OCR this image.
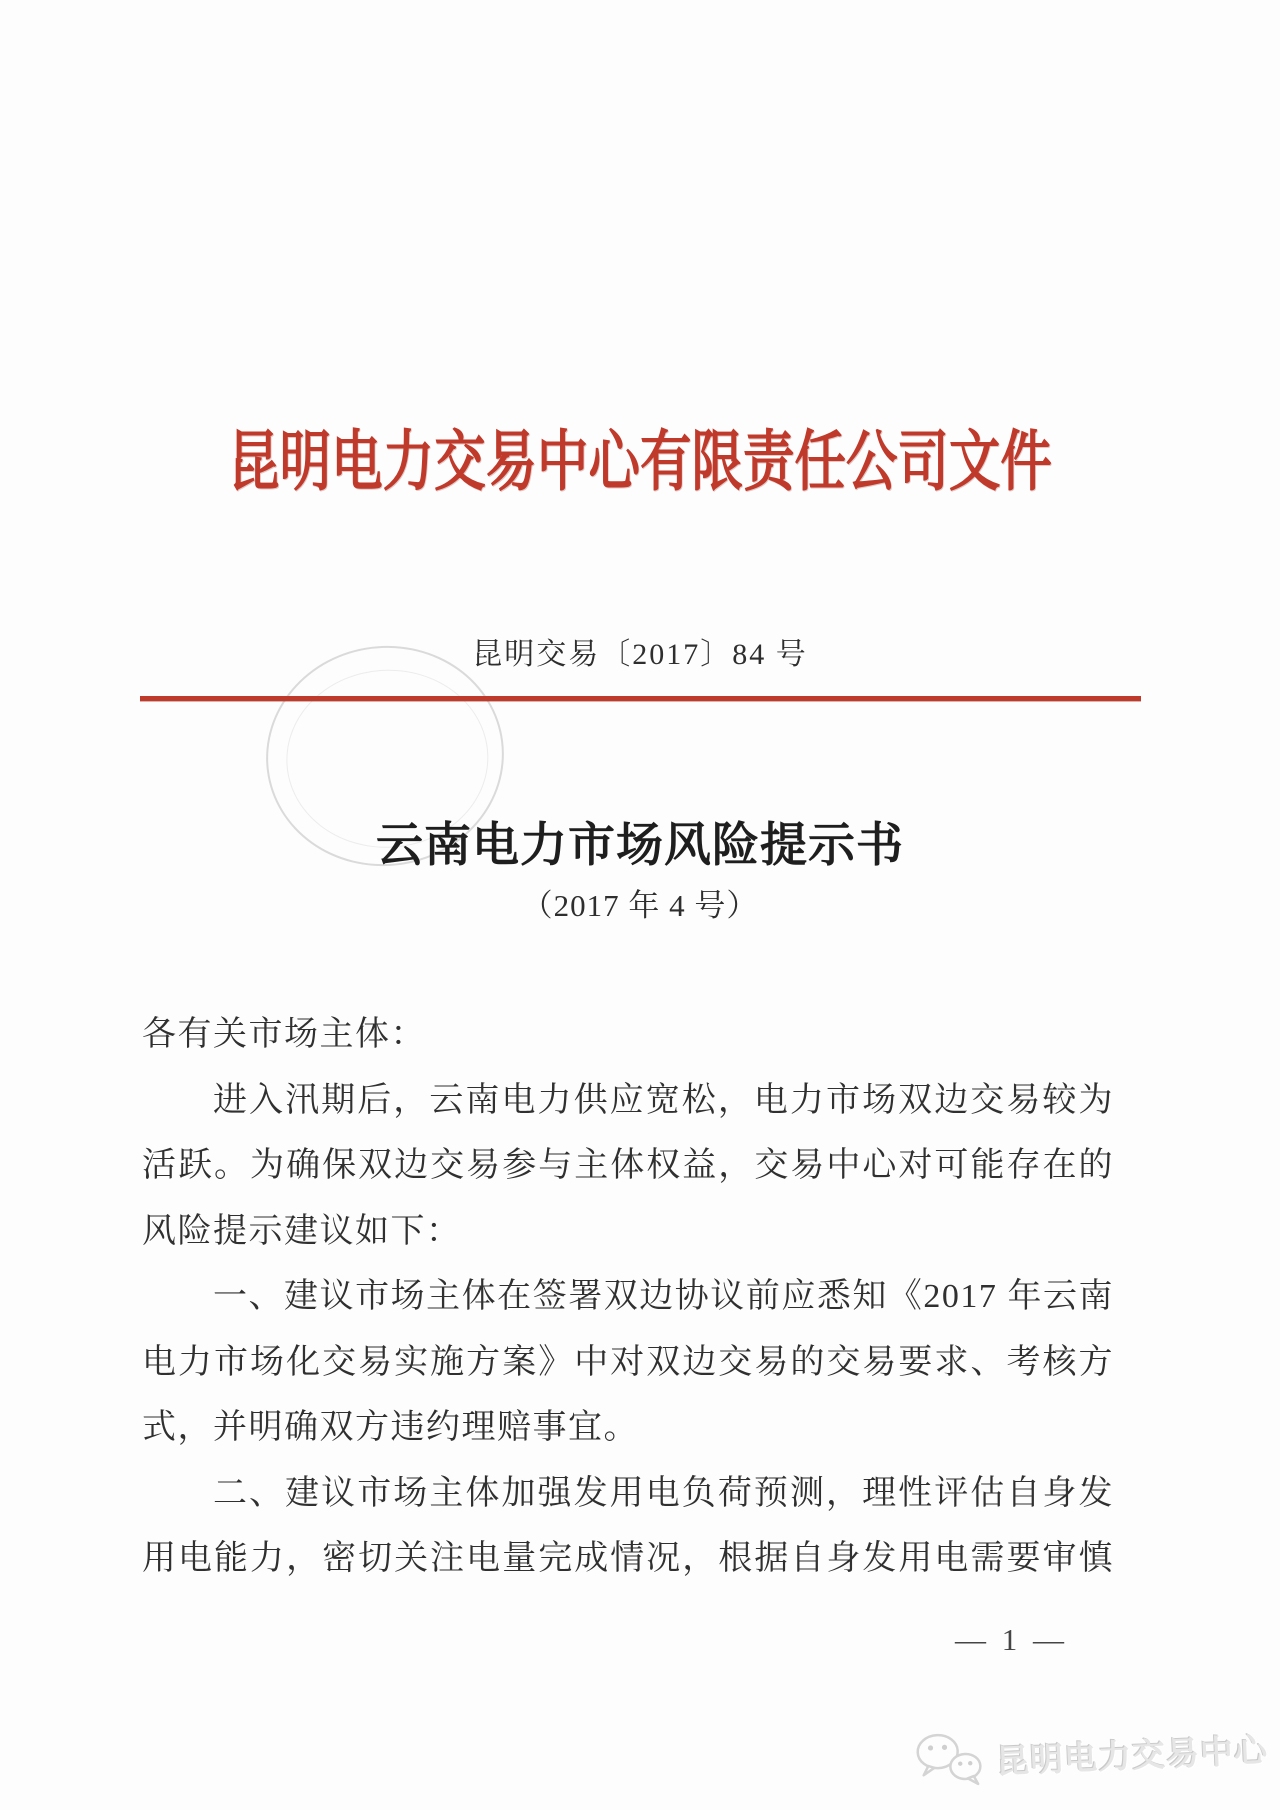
昆明电力交易中心有限责任公司文件
昆明交易〔2017〕84 号
云南电力市场风险提示书
（2017 年 4 号）
各有关市场主体：
进入汛期后，云南电力供应宽松，电力市场双边交易较为
活跃。为确保双边交易参与主体权益，交易中心对可能存在的
风险提示建议如下：
一、建议市场主体在签署双边协议前应悉知《2017 年云南
电力市场化交易实施方案》中对双边交易的交易要求、考核方
式，并明确双方违约理赔事宜。
二、建议市场主体加强发用电负荷预测，理性评估自身发
用电能力，密切关注电量完成情况，根据自身发用电需要审慎
— 1 —
昆明电力交易中心
